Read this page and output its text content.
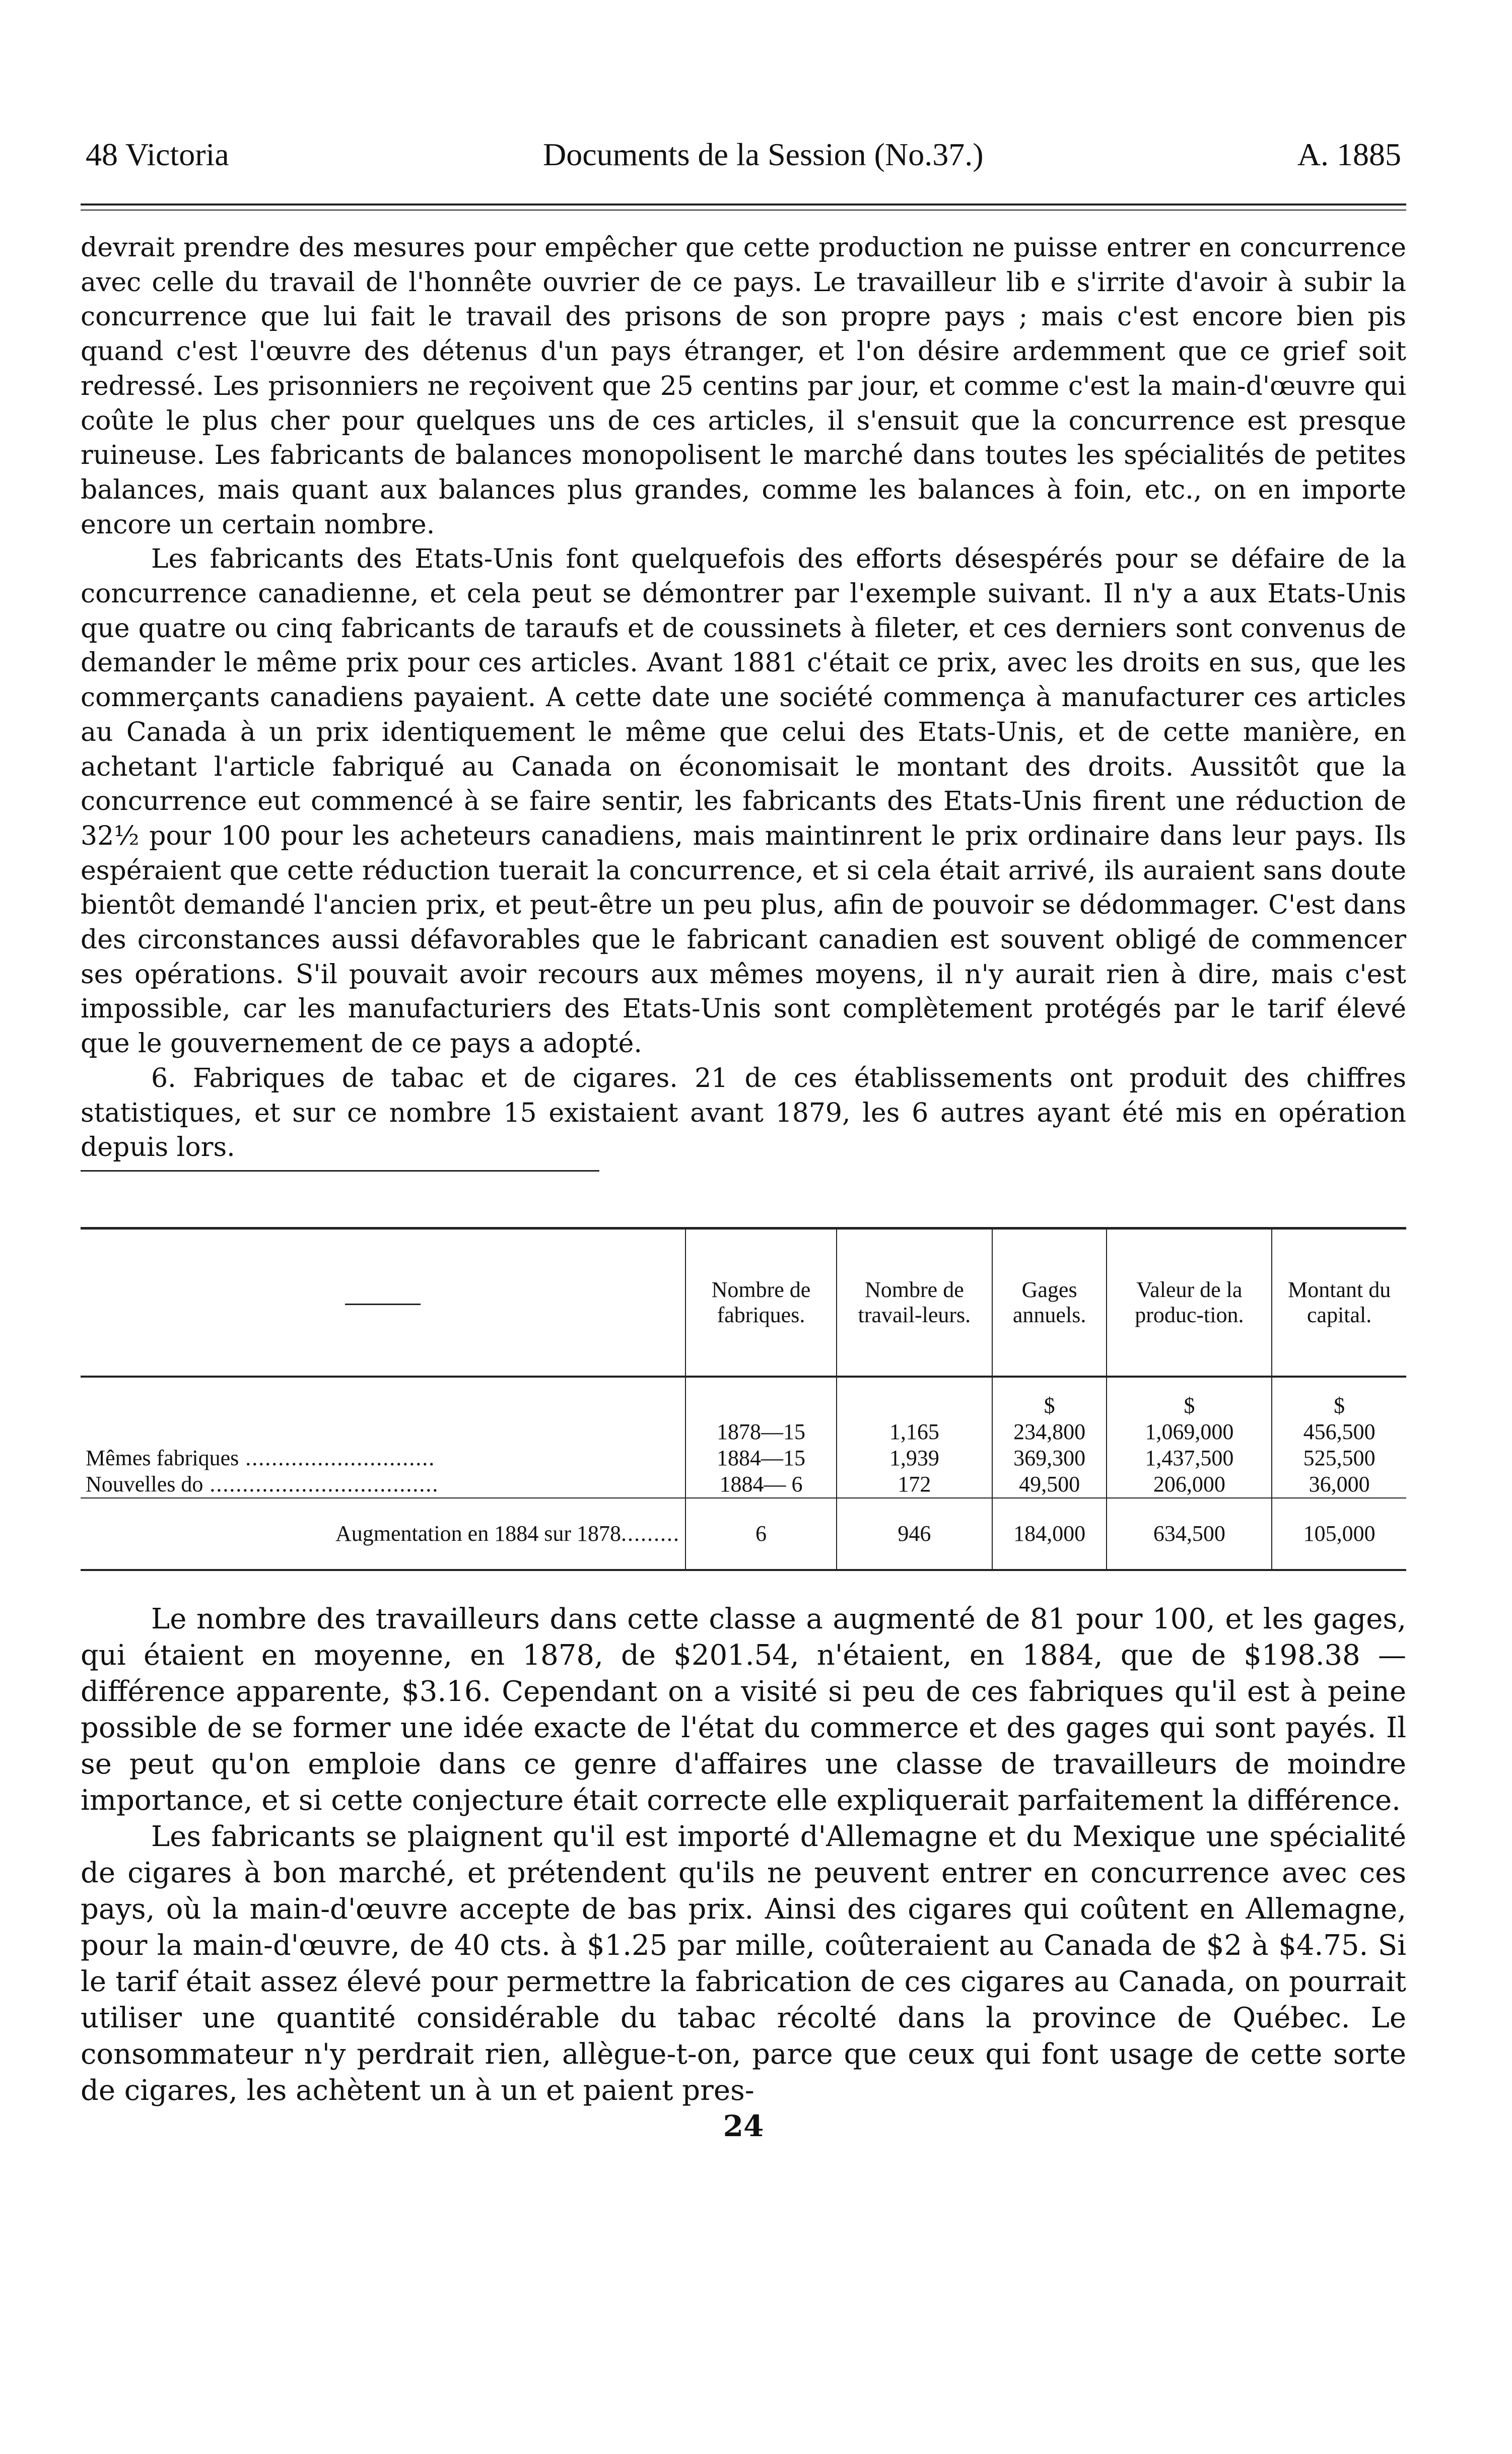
48 Victoria	Documents de la Session (No.37.)	A. 1885

devrait prendre des mesures pour empêcher que cette production ne puisse entrer en concurrence avec celle du travail de l'honnête ouvrier de ce pays. Le travailleur lib e s'irrite d'avoir à subir la concurrence que lui fait le travail des prisons de son propre pays ; mais c'est encore bien pis quand c'est l'œuvre des détenus d'un pays étranger, et l'on désire ardemment que ce grief soit redressé. Les prisonniers ne reçoivent que 25 centins par jour, et comme c'est la main-d'œuvre qui coûte le plus cher pour quelques uns de ces articles, il s'ensuit que la concurrence est presque ruineuse. Les fabricants de balances monopolisent le marché dans toutes les spécialités de petites balances, mais quant aux balances plus grandes, comme les balances à foin, etc., on en importe encore un certain nombre.

Les fabricants des Etats-Unis font quelquefois des efforts désespérés pour se défaire de la concurrence canadienne, et cela peut se démontrer par l'exemple suivant. Il n'y a aux Etats-Unis que quatre ou cinq fabricants de taraufs et de coussinets à fileter, et ces derniers sont convenus de demander le même prix pour ces articles. Avant 1881 c'était ce prix, avec les droits en sus, que les commerçants canadiens payaient. A cette date une société commença à manufacturer ces articles au Canada à un prix identiquement le même que celui des Etats-Unis, et de cette manière, en achetant l'article fabriqué au Canada on économisait le montant des droits. Aussitôt que la concurrence eut commencé à se faire sentir, les fabricants des Etats-Unis firent une réduction de 32½ pour 100 pour les acheteurs canadiens, mais maintinrent le prix ordinaire dans leur pays. Ils espéraient que cette réduction tuerait la concurrence, et si cela était arrivé, ils auraient sans doute bientôt demandé l'ancien prix, et peut-être un peu plus, afin de pouvoir se dédommager. C'est dans des circonstances aussi défavorables que le fabricant canadien est souvent obligé de commencer ses opérations. S'il pouvait avoir recours aux mêmes moyens, il n'y aurait rien à dire, mais c'est impossible, car les manufacturiers des Etats-Unis sont complètement protégés par le tarif élevé que le gouvernement de ce pays a adopté.

6. Fabriques de tabac et de cigares. 21 de ces établissements ont produit des chiffres statistiques, et sur ce nombre 15 existaient avant 1879, les 6 autres ayant été mis en opération depuis lors.

	Nombre de fabriques.	Nombre de travail-leurs.	Gages annuels.	Valeur de la produc-tion.	Montant du capital.
			$	$	$
	1878—15	1,165	234,800	1,069,000	456,500
Mêmes fabriques .............................	1884—15	1,939	369,300	1,437,500	525,500
Nouvelles do ...................................	1884— 6	172	49,500	206,000	36,000
Augmentation en 1884 sur 1878.........	6	946	184,000	634,500	105,000

Le nombre des travailleurs dans cette classe a augmenté de 81 pour 100, et les gages, qui étaient en moyenne, en 1878, de $201.54, n'étaient, en 1884, que de $198.38 —différence apparente, $3.16. Cependant on a visité si peu de ces fabriques qu'il est à peine possible de se former une idée exacte de l'état du commerce et des gages qui sont payés. Il se peut qu'on emploie dans ce genre d'affaires une classe de travailleurs de moindre importance, et si cette conjecture était correcte elle expliquerait parfaitement la différence.

Les fabricants se plaignent qu'il est importé d'Allemagne et du Mexique une spécialité de cigares à bon marché, et prétendent qu'ils ne peuvent entrer en concurrence avec ces pays, où la main-d'œuvre accepte de bas prix. Ainsi des cigares qui coûtent en Allemagne, pour la main-d'œuvre, de 40 cts. à $1.25 par mille, coûteraient au Canada de $2 à $4.75. Si le tarif était assez élevé pour permettre la fabrication de ces cigares au Canada, on pourrait utiliser une quantité considérable du tabac récolté dans la province de Québec. Le consommateur n'y perdrait rien, allègue-t-on, parce que ceux qui font usage de cette sorte de cigares, les achètent un à un et paient pres-

24
